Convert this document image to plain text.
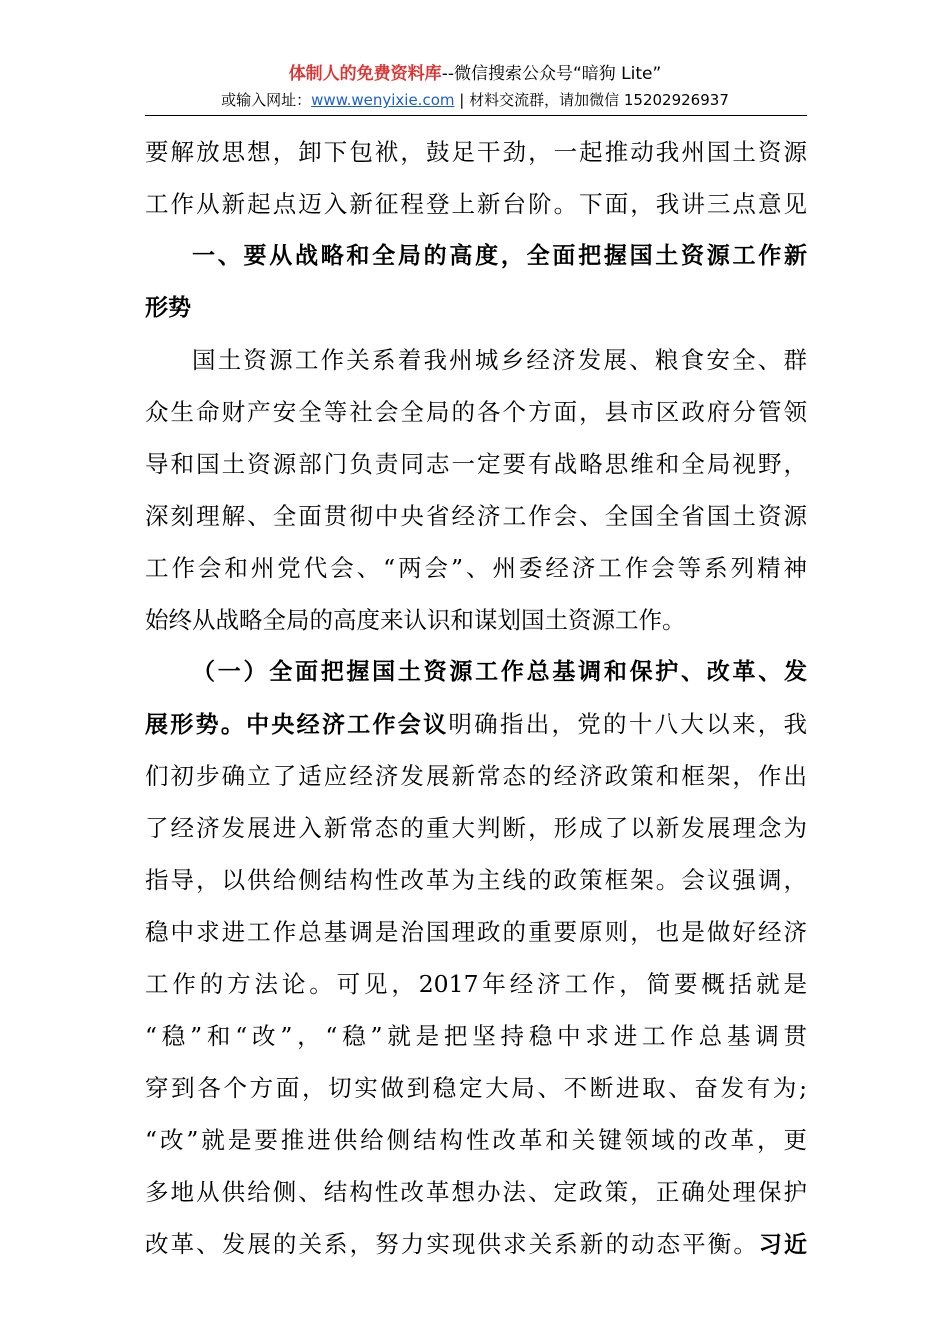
体制人的免费资料库--微信搜索公众号“暗狗 Lite”
或输入网址：www.wenyixie.com | 材料交流群，请加微信 15202926937
要解放思想，卸下包袱，鼓足干劲，一起推动我州国土资源
工作从新起点迈入新征程登上新台阶。下面，我讲三点意见
一、要从战略和全局的高度，全面把握国土资源工作新
形势
国土资源工作关系着我州城乡经济发展、粮食安全、群
众生命财产安全等社会全局的各个方面，县市区政府分管领
导和国土资源部门负责同志一定要有战略思维和全局视野，
深刻理解、全面贯彻中央省经济工作会、全国全省国土资源
工作会和州党代会、“两会”、州委经济工作会等系列精神
始终从战略全局的高度来认识和谋划国土资源工作。
（一）全面把握国土资源工作总基调和保护、改革、发
展形势。中央经济工作会议明确指出，党的十八大以来，我
们初步确立了适应经济发展新常态的经济政策和框架，作出
了经济发展进入新常态的重大判断，形成了以新发展理念为
指导，以供给侧结构性改革为主线的政策框架。会议强调，
稳中求进工作总基调是治国理政的重要原则，也是做好经济
工作的方法论。可见，2017年经济工作，简要概括就是
“稳”和“改”，“稳”就是把坚持稳中求进工作总基调贯
穿到各个方面，切实做到稳定大局、不断进取、奋发有为;
“改”就是要推进供给侧结构性改革和关键领域的改革，更
多地从供给侧、结构性改革想办法、定政策，正确处理保护
改革、发展的关系，努力实现供求关系新的动态平衡。习近
